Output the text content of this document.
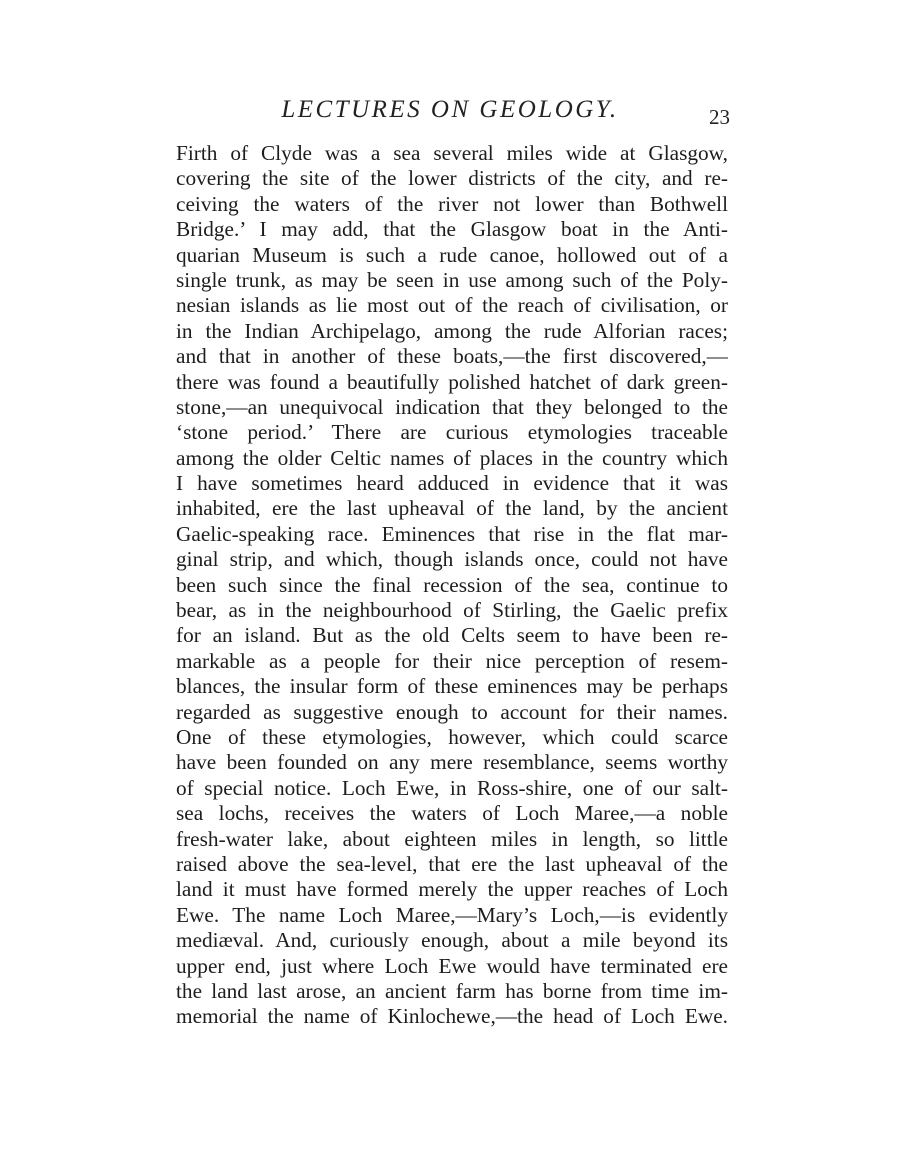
LECTURES ON GEOLOGY.	23
Firth of Clyde was a sea several miles wide at Glasgow,
covering the site of the lower districts of the city, and re-
ceiving the waters of the river not lower than Bothwell
Bridge.’ I may add, that the Glasgow boat in the Anti-
quarian Museum is such a rude canoe, hollowed out of a
single trunk, as may be seen in use among such of the Poly-
nesian islands as lie most out of the reach of civilisation, or
in the Indian Archipelago, among the rude Alforian races;
and that in another of these boats,—the first discovered,—
there was found a beautifully polished hatchet of dark green-
stone,—an unequivocal indication that they belonged to the
‘stone period.’ There are curious etymologies traceable
among the older Celtic names of places in the country which
I have sometimes heard adduced in evidence that it was
inhabited, ere the last upheaval of the land, by the ancient
Gaelic-speaking race. Eminences that rise in the flat mar-
ginal strip, and which, though islands once, could not have
been such since the final recession of the sea, continue to
bear, as in the neighbourhood of Stirling, the Gaelic prefix
for an island. But as the old Celts seem to have been re-
markable as a people for their nice perception of resem-
blances, the insular form of these eminences may be perhaps
regarded as suggestive enough to account for their names.
One of these etymologies, however, which could scarce
have been founded on any mere resemblance, seems worthy
of special notice. Loch Ewe, in Ross-shire, one of our salt-
sea lochs, receives the waters of Loch Maree,—a noble
fresh-water lake, about eighteen miles in length, so little
raised above the sea-level, that ere the last upheaval of the
land it must have formed merely the upper reaches of Loch
Ewe. The name Loch Maree,—Mary’s Loch,—is evidently
mediæval. And, curiously enough, about a mile beyond its
upper end, just where Loch Ewe would have terminated ere
the land last arose, an ancient farm has borne from time im-
memorial the name of Kinlochewe,—the head of Loch Ewe.
